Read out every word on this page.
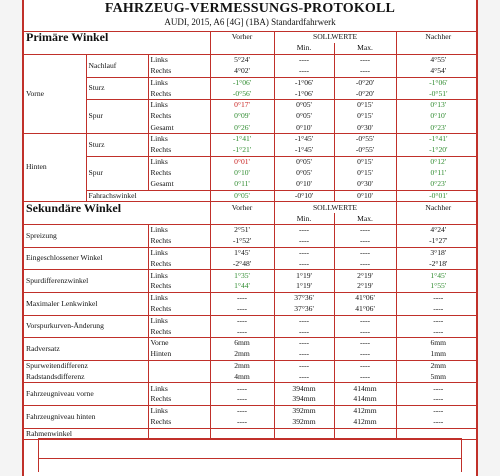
FAHRZEUG-VERMESSUNGS-PROTOKOLL
AUDI, 2015, A6 [4G] (1BA) Standardfahrwerk
Primäre Winkel			Vorher	SOLLWERTE		Nachher
				Min.	Max.	
Vorne	Nachlauf	Links	5°24'	----	----	4°55'
		Rechts	4°02'	----	----	4°54'
	Sturz	Links	-1°06'	-1°06'	-0°20'	-1°06'
		Rechts	-0°56'	-1°06'	-0°20'	-0°51'
	Spur	Links	0°17'	0°05'	0°15'	0°13'
		Rechts	0°09'	0°05'	0°15'	0°10'
		Gesamt	0°26'	0°10'	0°30'	0°23'
Hinten	Sturz	Links	-1°41'	-1°45'	-0°55'	-1°41'
		Rechts	-1°21'	-1°45'	-0°55'	-1°20'
	Spur	Links	0°01'	0°05'	0°15'	0°12'
		Rechts	0°10'	0°05'	0°15'	0°11'
		Gesamt	0°11'	0°10'	0°30'	0°23'
	Fahrachswinkel		0°05'	-0°10'	0°10'	-0°01'
Sekundäre Winkel		Vorher	SOLLWERTE		Nachher
			Min.	Max.	
Spreizung	Links	2°51'	----	----	4°24'
	Rechts	-1°52'	----	----	-1°27'
Eingeschlossener Winkel	Links	1°45'	----	----	3°18'
	Rechts	-2°48'	----	----	-2°18'
Spurdifferenzwinkel	Links	1°35'	1°19'	2°19'	1°45'
	Rechts	1°44'	1°19'	2°19'	1°55'
Maximaler Lenkwinkel	Links	----	37°36'	41°06'	----
	Rechts	----	37°36'	41°06'	----
Vorspurkurven-Änderung	Links	----	----	----	----
	Rechts	----	----	----	----
Radversatz	Vorne	6mm	----	----	6mm
	Hinten	2mm	----	----	1mm
Spurweitendifferenz		2mm	----	----	2mm
Radstandsdifferenz		4mm	----	----	5mm
Fahrzeugniveau vorne	Links	----	394mm	414mm	----
	Rechts	----	394mm	414mm	----
Fahrzeugniveau hinten	Links	----	392mm	412mm	----
	Rechts	----	392mm	412mm	----
Rahmenwinkel					
